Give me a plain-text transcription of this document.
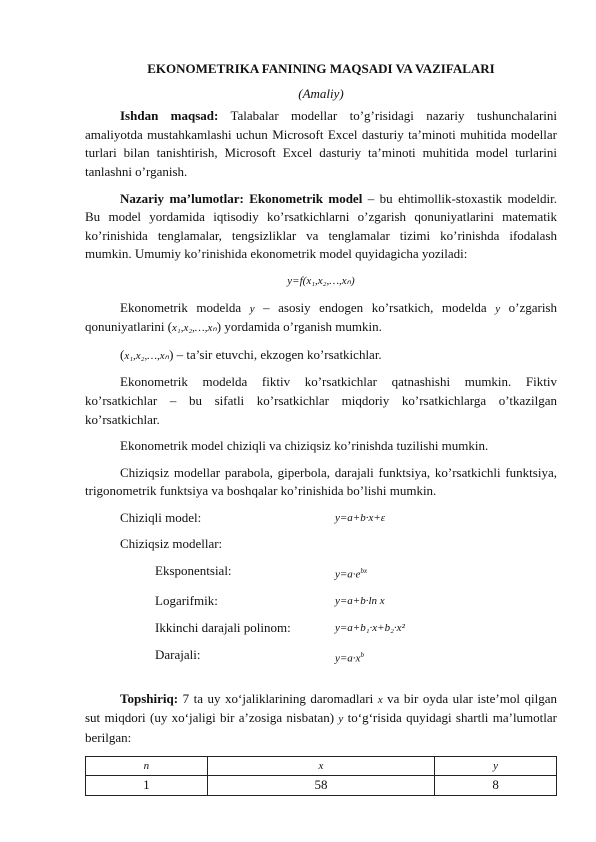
EKONOMETRIKA FANINING MAQSADI VA VAZIFALARI
(Amaliy)

Ishdan maqsad: Talabalar modellar to’g’risidagi nazariy tushunchalarini amaliyotda mustahkamlashi uchun Microsoft Excel dasturiy ta’minoti muhitida modellar turlari bilan tanishtirish, Microsoft Excel dasturiy ta’minoti muhitida model turlarini tanlashni o’rganish.

Nazariy ma’lumotlar: Ekonometrik model – bu ehtimollik-stoxastik modeldir. Bu model yordamida iqtisodiy ko’rsatkichlarni o’zgarish qonuniyatlarini matematik ko’rinishida tenglamalar, tengsizliklar va tenglamalar tizimi ko’rinishda ifodalash mumkin. Umumiy ko’rinishida ekonometrik model quyidagicha yoziladi:

y=f(x₁,x₂,…,xₙ)

Ekonometrik modelda y – asosiy endogen ko’rsatkich, modelda y o’zgarish qonuniyatlarini (x₁,x₂,…,xₙ) yordamida o’rganish mumkin.

(x₁,x₂,…,xₙ) – ta’sir etuvchi, ekzogen ko’rsatkichlar.

Ekonometrik modelda fiktiv ko’rsatkichlar qatnashishi mumkin. Fiktiv ko’rsatkichlar – bu sifatli ko’rsatkichlar miqdoriy ko’rsatkichlarga o’tkazilgan ko’rsatkichlar.

Ekonometrik model chiziqli va chiziqsiz ko’rinishda tuzilishi mumkin.

Chiziqsiz modellar parabola, giperbola, darajali funktsiya, ko’rsatkichli funktsiya, trigonometrik funktsiya va boshqalar ko’rinishida bo’lishi mumkin.

Chiziqli model:	y=a+b·x+ε
Chiziqsiz modellar:
Eksponentsial:	$y=a\cdot e^{bx}$
Logarifmik:	y=a+b·ln x
Ikkinchi darajali polinom:	y=a+b₁·x+b₂·x²
Darajali:	$y=a\cdot x^b$

Topshiriq: 7 ta uy xo‘jaliklarining daromadlari x va bir oyda ular iste’mol qilgan sut miqdori (uy xo‘jaligi bir a’zosiga nisbatan) y to‘g‘risida quyidagi shartli ma’lumotlar berilgan:

n	x	y
1	58	8
